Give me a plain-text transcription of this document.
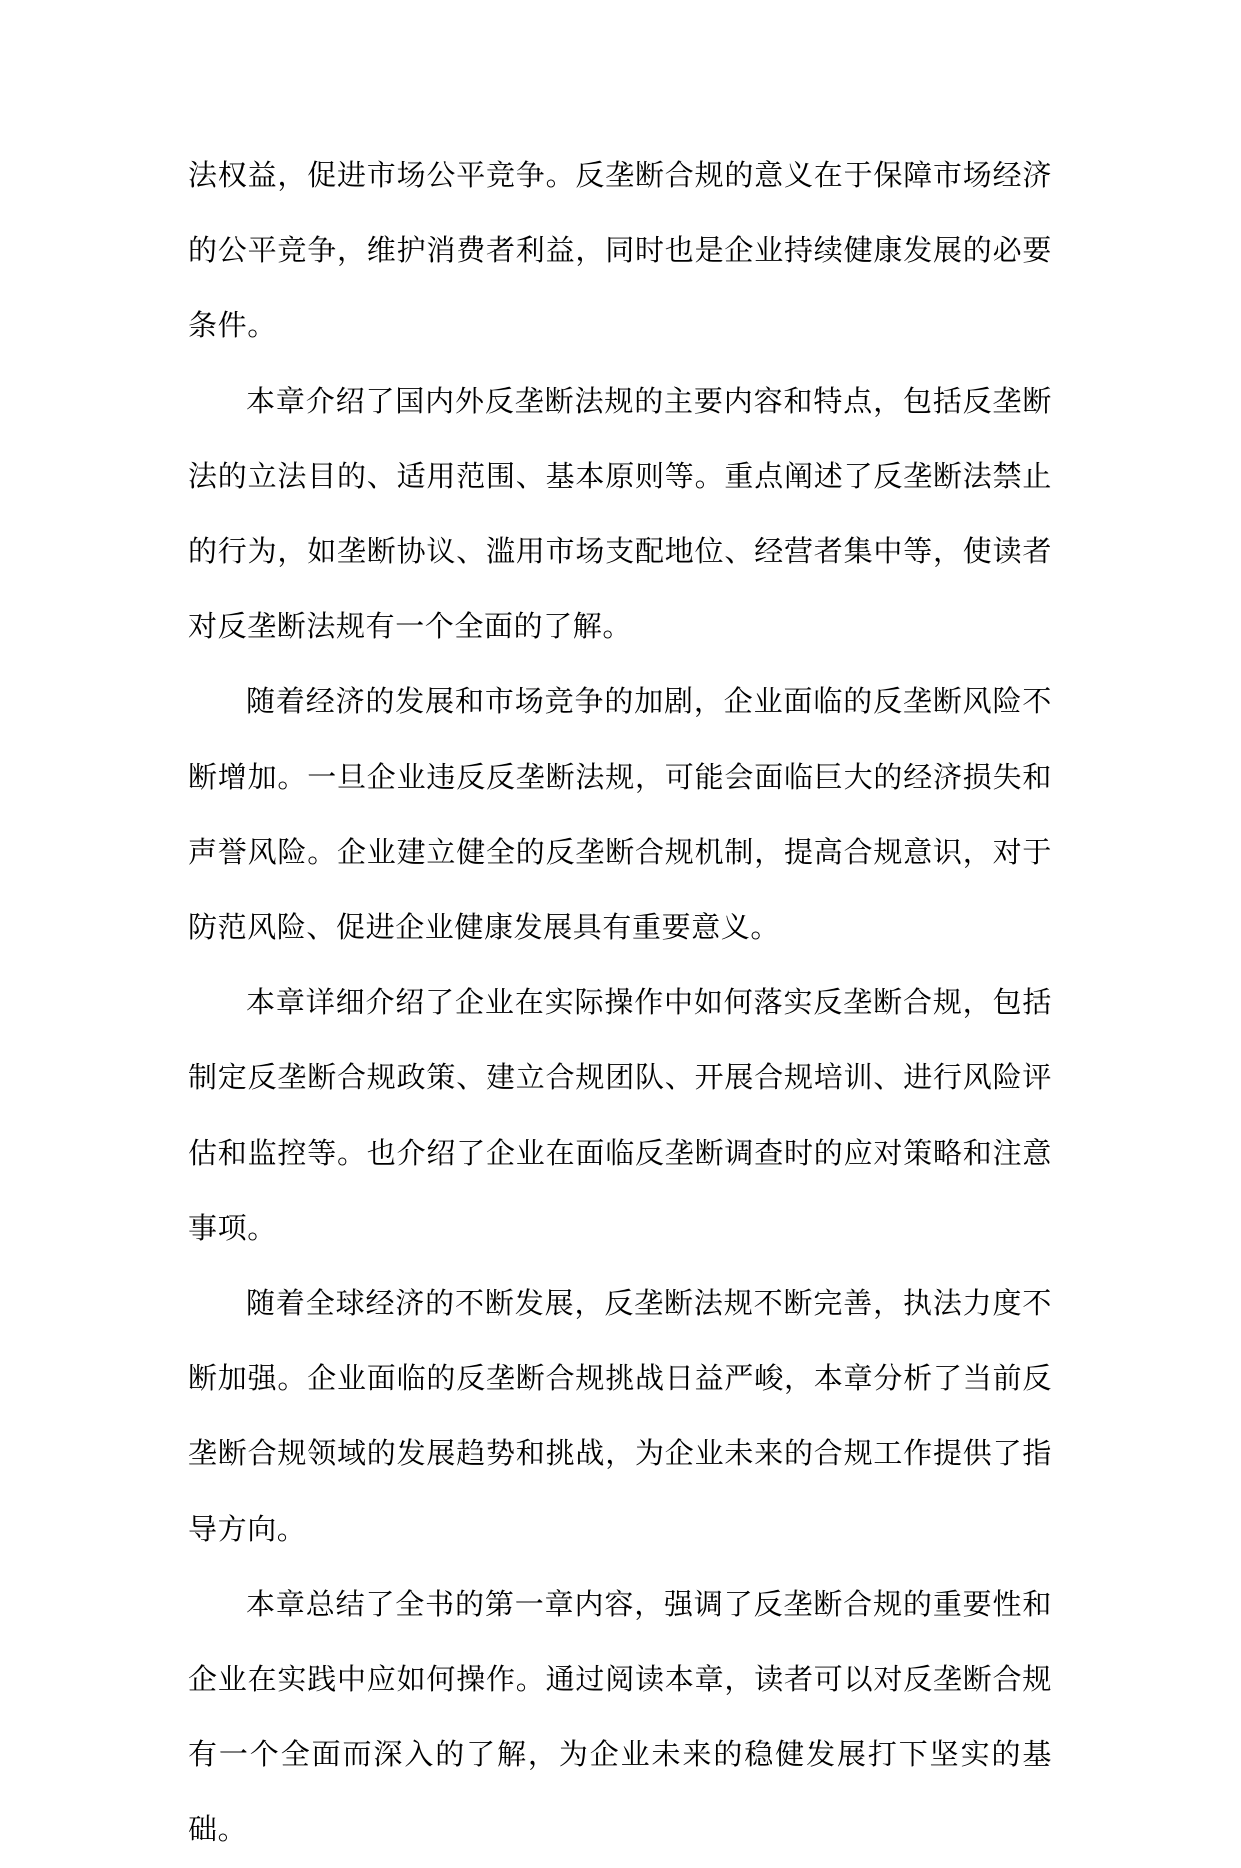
法权益，促进市场公平竞争。反垄断合规的意义在于保障市场经济的公平竞争，维护消费者利益，同时也是企业持续健康发展的必要条件。

本章介绍了国内外反垄断法规的主要内容和特点，包括反垄断法的立法目的、适用范围、基本原则等。重点阐述了反垄断法禁止的行为，如垄断协议、滥用市场支配地位、经营者集中等，使读者对反垄断法规有一个全面的了解。

随着经济的发展和市场竞争的加剧，企业面临的反垄断风险不断增加。一旦企业违反反垄断法规，可能会面临巨大的经济损失和声誉风险。企业建立健全的反垄断合规机制，提高合规意识，对于防范风险、促进企业健康发展具有重要意义。

本章详细介绍了企业在实际操作中如何落实反垄断合规，包括制定反垄断合规政策、建立合规团队、开展合规培训、进行风险评估和监控等。也介绍了企业在面临反垄断调查时的应对策略和注意事项。

随着全球经济的不断发展，反垄断法规不断完善，执法力度不断加强。企业面临的反垄断合规挑战日益严峻，本章分析了当前反垄断合规领域的发展趋势和挑战，为企业未来的合规工作提供了指导方向。

本章总结了全书的第一章内容，强调了反垄断合规的重要性和企业在实践中应如何操作。通过阅读本章，读者可以对反垄断合规有一个全面而深入的了解，为企业未来的稳健发展打下坚实的基础。
